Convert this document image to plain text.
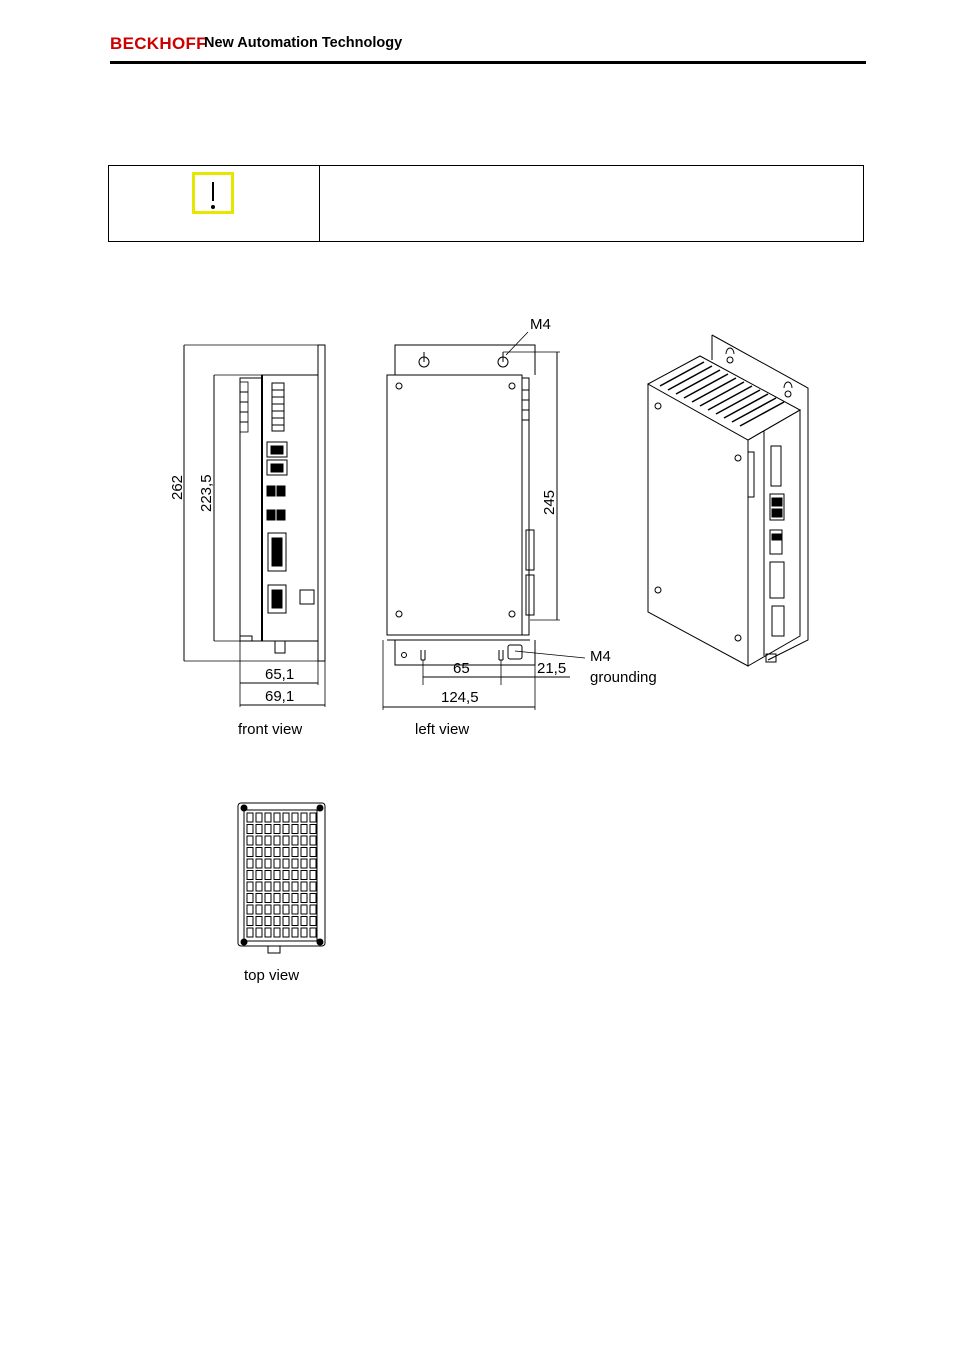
BECKHOFF
New Automation Technology
262 223,5
65,1
69,1
front view
M4
245
65	21,5
124,5
M4
grounding
left view
top view
